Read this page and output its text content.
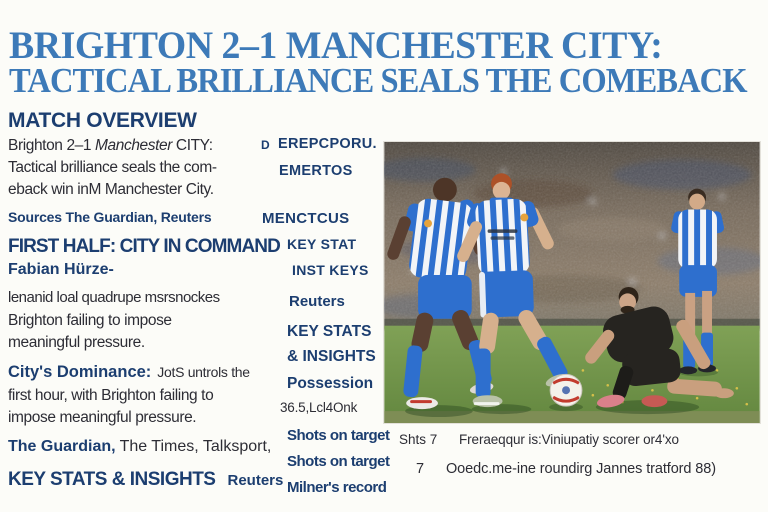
BRIGHTON 2–1 MANCHESTER CITY:
TACTICAL BRILLIANCE SEALS THE COMEBACK
MATCH OVERVIEW
Brighton 2–1 Manchester CITY:
Tactical brilliance seals the com-
eback win inM Manchester City.
Sources The Guardian, Reuters
FIRST HALF: CITY IN COMMAND
Fabian Hürze-
lenanid loal quadrupe msrsnockes
Brighton failing to impose
meaningful pressure.
City's Dominance: JotS untrols the
first hour, with Brighton failing to
impose meaningful pressure.
The Guardian, The Times, Talksport,
KEY STATS & INSIGHTS Reuters
D EREPCPORU.
EMERTOS
MENCTCUS
KEY STAT
INST KEYS
Reuters
KEY STATS
& INSIGHTS
Possession
36.5,Lcl4Onk
Shots on target
Shots on target
Milner's record
Shts 7 Freraeqqur is:Viniupatiy scorer or4'xo
7 Ooedc.me-ine roundirg Jannes tratford 88)
